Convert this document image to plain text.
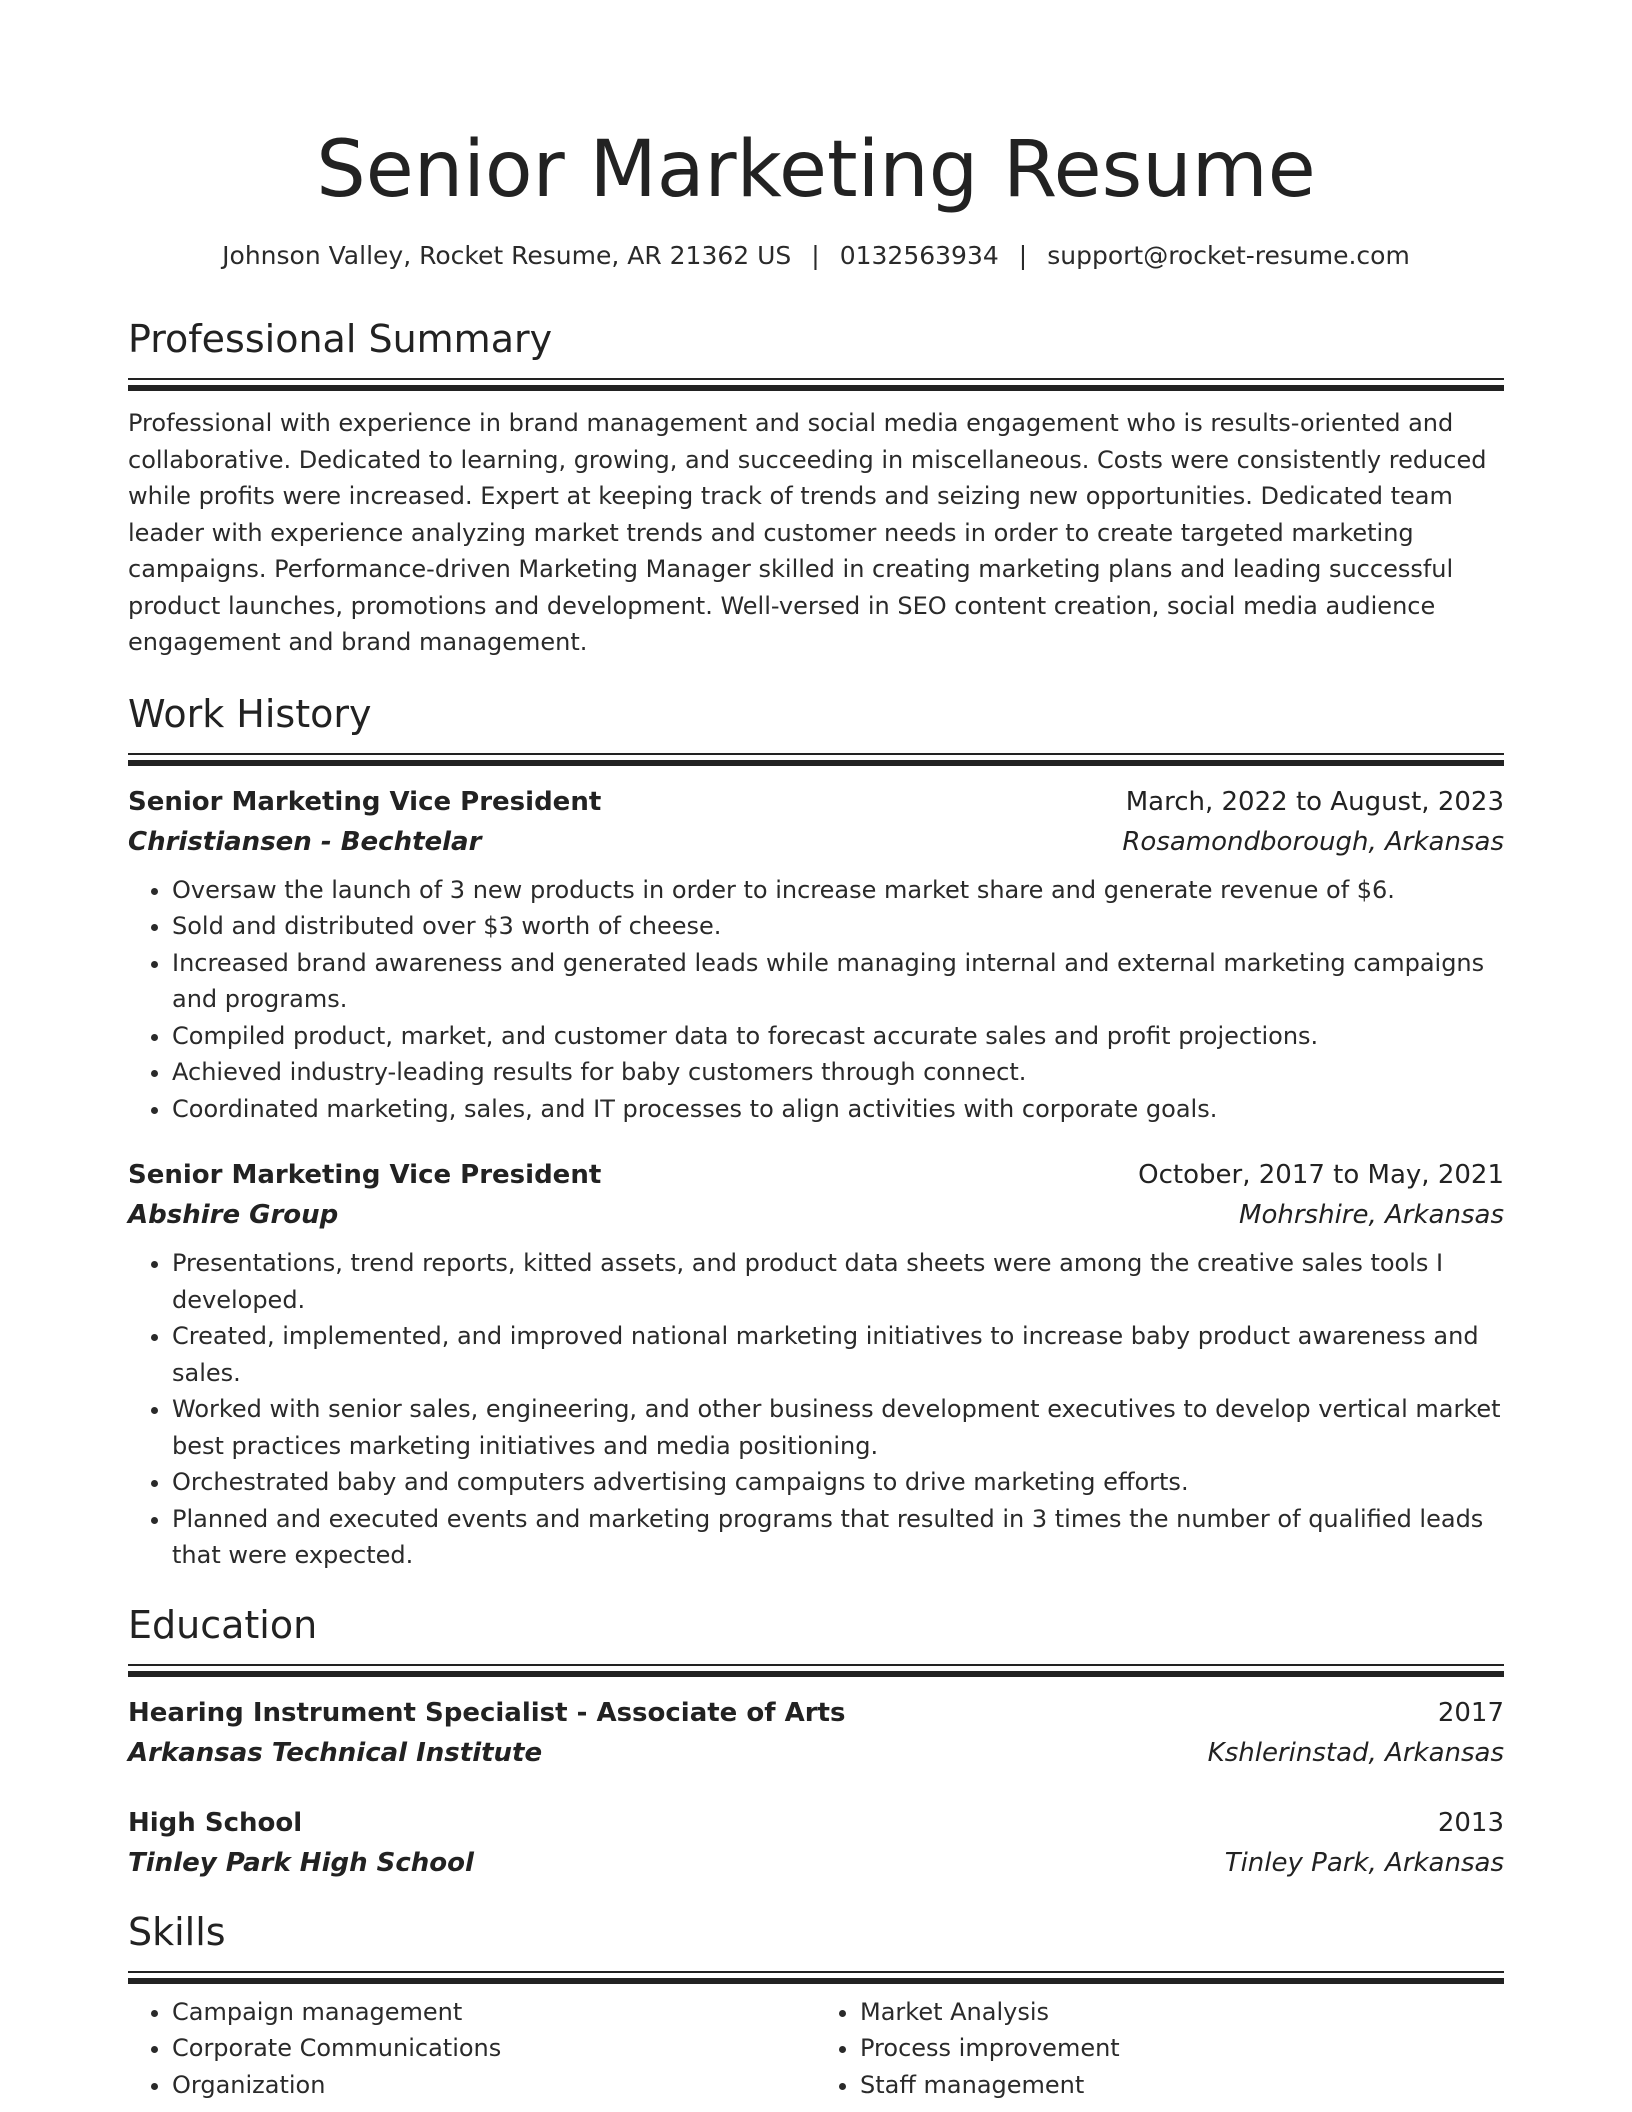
Senior Marketing Resume
Johnson Valley, Rocket Resume, AR 21362 US | 0132563934 | support@rocket-resume.com
Professional Summary
Professional with experience in brand management and social media engagement who is results-oriented and collaborative. Dedicated to learning, growing, and succeeding in miscellaneous. Costs were consistently reduced while profits were increased. Expert at keeping track of trends and seizing new opportunities. Dedicated team leader with experience analyzing market trends and customer needs in order to create targeted marketing campaigns. Performance-driven Marketing Manager skilled in creating marketing plans and leading successful product launches, promotions and development. Well-versed in SEO content creation, social media audience engagement and brand management.
Work History
Senior Marketing Vice President	March, 2022 to August, 2023
Christiansen - Bechtelar	Rosamondborough, Arkansas
• Oversaw the launch of 3 new products in order to increase market share and generate revenue of $6.
• Sold and distributed over $3 worth of cheese.
• Increased brand awareness and generated leads while managing internal and external marketing campaigns and programs.
• Compiled product, market, and customer data to forecast accurate sales and profit projections.
• Achieved industry-leading results for baby customers through connect.
• Coordinated marketing, sales, and IT processes to align activities with corporate goals.
Senior Marketing Vice President	October, 2017 to May, 2021
Abshire Group	Mohrshire, Arkansas
• Presentations, trend reports, kitted assets, and product data sheets were among the creative sales tools I developed.
• Created, implemented, and improved national marketing initiatives to increase baby product awareness and sales.
• Worked with senior sales, engineering, and other business development executives to develop vertical market best practices marketing initiatives and media positioning.
• Orchestrated baby and computers advertising campaigns to drive marketing efforts.
• Planned and executed events and marketing programs that resulted in 3 times the number of qualified leads that were expected.
Education
Hearing Instrument Specialist - Associate of Arts	2017
Arkansas Technical Institute	Kshlerinstad, Arkansas
High School	2013
Tinley Park High School	Tinley Park, Arkansas
Skills
• Campaign management
• Corporate Communications
• Organization
• Market Analysis
• Process improvement
• Staff management
